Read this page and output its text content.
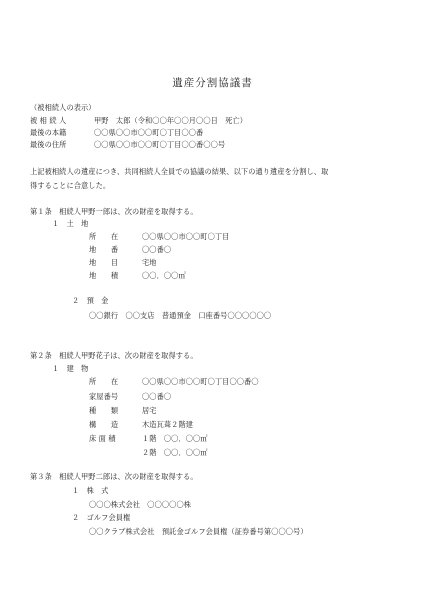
遺産分割協議書
（被相続人の表示）
被 相 続 人	甲野　太郎（令和〇〇年〇〇月〇〇日　死亡）
最後の本籍	〇〇県〇〇市〇〇町〇丁目〇〇番
最後の住所	〇〇県〇〇市〇〇町〇丁目〇〇番〇〇号
上記被相続人の遺産につき、共同相続人全員での協議の結果、以下の通り遺産を分割し、取
得することに合意した。
第１条　相続人甲野一郎は、次の財産を取得する。
１　土　地
所　　在	〇〇県〇〇市〇〇町〇丁目
地　　番	〇〇番〇
地　　目	宅地
地　　積	〇〇．〇〇㎡
２　預　金
〇〇銀行　〇〇支店　普通預金　口座番号〇〇〇〇〇〇
第２条　相続人甲野花子は、次の財産を取得する。
１　建　物
所　　在	〇〇県〇〇市〇〇町〇丁目〇〇番〇
家屋番号	〇〇番〇
種　　類	居宅
構　　造	木造瓦葺２階建
床 面 積	１階　〇〇．〇〇㎡
２階　〇〇．〇〇㎡
第３条　相続人甲野二郎は、次の財産を取得する。
１　株　式
〇〇〇株式会社　〇〇〇〇〇株
２　ゴルフ会員権
〇〇クラブ株式会社　預託金ゴルフ会員権（証券番号第〇〇〇号）
